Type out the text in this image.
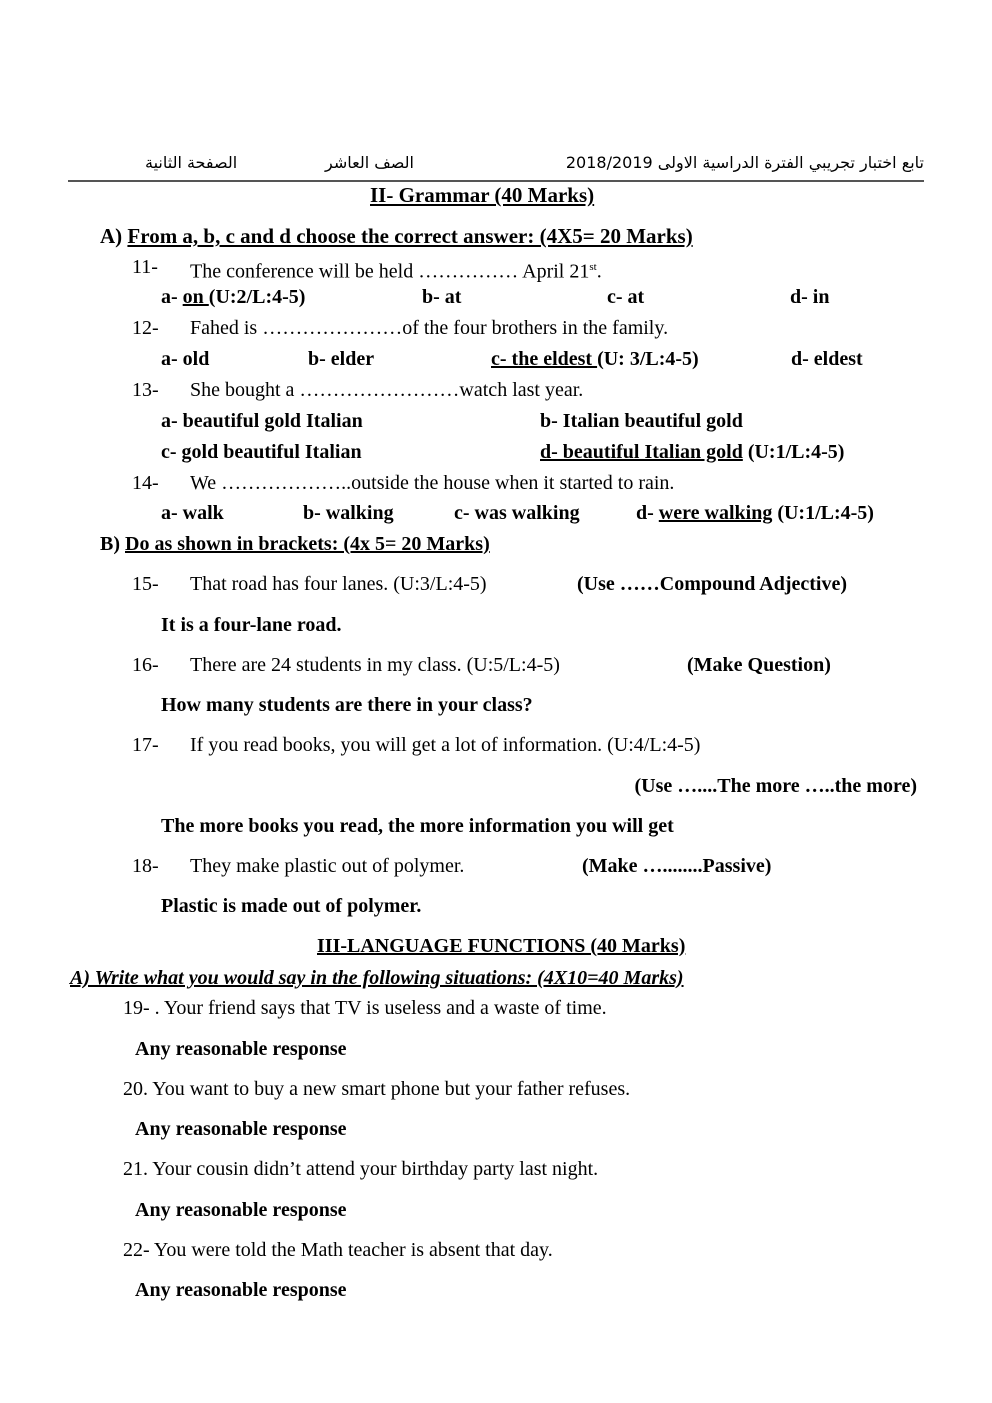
تابع اختبار تجريبي الفترة الدراسية الاولى 2018/2019
الصف العاشر
الصفحة الثانية
II- Grammar (40 Marks)
A) From a, b, c and d choose the correct answer: (4X5= 20 Marks)
11- The conference will be held …………… April 21st.
a- on (U:2/L:4-5)	b- at	c- at	d- in
12- Fahed is …………………of the four brothers in the family.
a- old	b- elder	c- the eldest (U: 3/L:4-5)	d- eldest
13- She bought a ……………………watch last year.
a- beautiful gold Italian	b- Italian beautiful gold
c- gold beautiful Italian	d- beautiful Italian gold (U:1/L:4-5)
14- We ………………..outside the house when it started to rain.
a- walk	b- walking	c- was walking	d- were walking (U:1/L:4-5)
B) Do as shown in brackets: (4x 5= 20 Marks)
15- That road has four lanes. (U:3/L:4-5)	(Use ……Compound Adjective)
It is a four-lane road.
16- There are 24 students in my class. (U:5/L:4-5)	(Make Question)
How many students are there in your class?
17- If you read books, you will get a lot of information. (U:4/L:4-5)
(Use …....The more …..the more)
The more books you read, the more information you will get
18- They make plastic out of polymer.	(Make …........Passive)
Plastic is made out of polymer.
III-LANGUAGE FUNCTIONS (40 Marks)
A) Write what you would say in the following situations: (4X10=40 Marks)
19- . Your friend says that TV is useless and a waste of time.
Any reasonable response
20. You want to buy a new smart phone but your father refuses.
Any reasonable response
21. Your cousin didn’t attend your birthday party last night.
Any reasonable response
22- You were told the Math teacher is absent that day.
Any reasonable response
